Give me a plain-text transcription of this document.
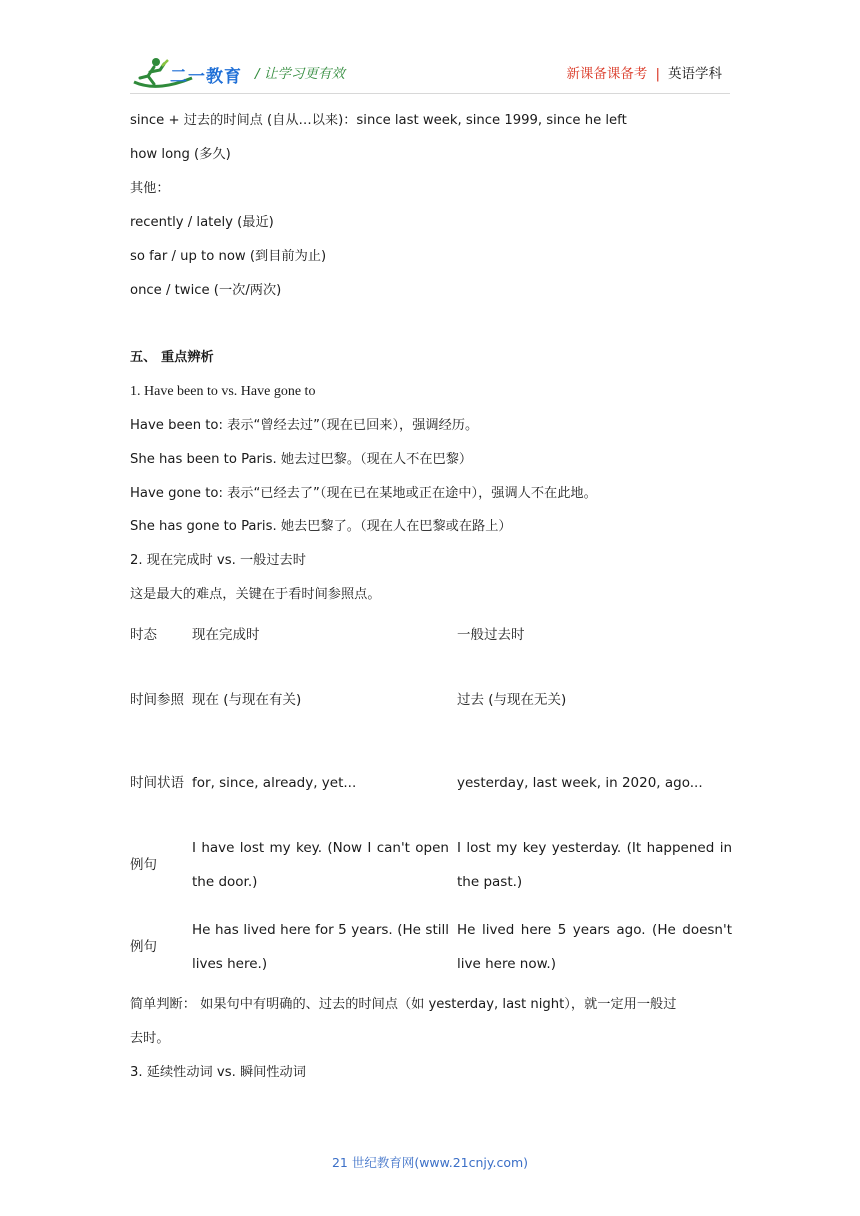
二一教育 / 让学习更有效	新课备课备考 | 英语学科
since + 过去的时间点 (自从…以来)：since last week, since 1999, since he left
how long (多久)
其他：
recently / lately (最近)
so far / up to now (到目前为止)
once / twice (一次/两次)
五、 重点辨析
1. Have been to vs. Have gone to
Have been to: 表示“曾经去过”（现在已回来），强调经历。
She has been to Paris. 她去过巴黎。（现在人不在巴黎）
Have gone to: 表示“已经去了”（现在已在某地或正在途中），强调人不在此地。
She has gone to Paris. 她去巴黎了。（现在人在巴黎或在路上）
2. 现在完成时 vs. 一般过去时
这是最大的难点，关键在于看时间参照点。
时态	现在完成时	一般过去时
时间参照	现在 (与现在有关)	过去 (与现在无关)
时间状语	for, since, already, yet...	yesterday, last week, in 2020, ago...
例句	I have lost my key. (Now I can't open the door.)	I lost my key yesterday. (It happened in the past.)
例句	He has lived here for 5 years. (He still lives here.)	He lived here 5 years ago. (He doesn't live here now.)
简单判断： 如果句中有明确的、过去的时间点（如 yesterday, last night），就一定用一般过
去时。
3. 延续性动词 vs. 瞬间性动词
21 世纪教育网(www.21cnjy.com)
